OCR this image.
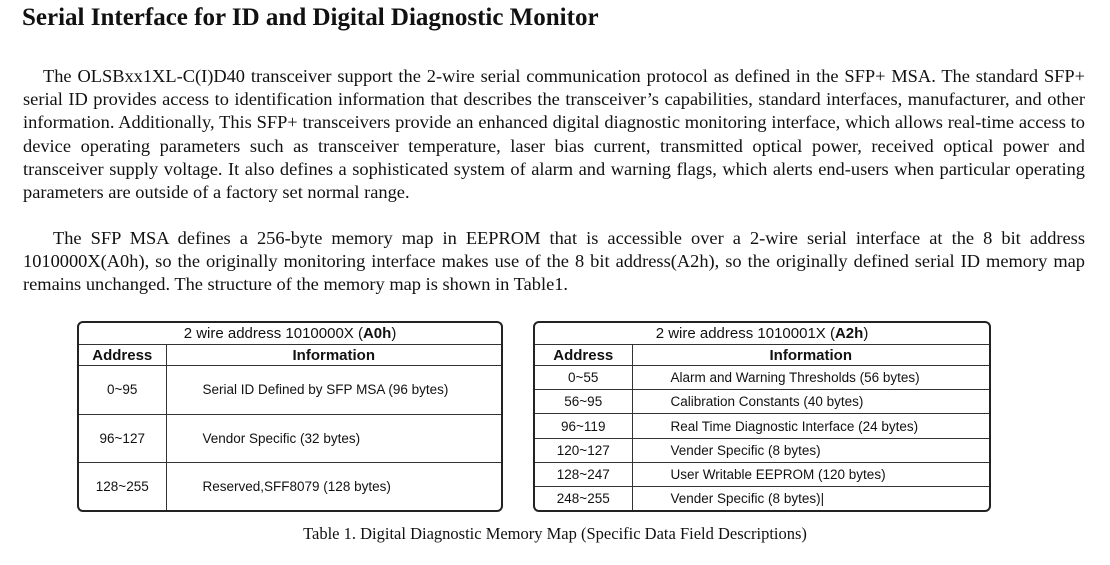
Serial Interface for ID and Digital Diagnostic Monitor

The OLSBxx1XL-C(I)D40 transceiver support the 2-wire serial communication protocol as defined in the SFP+ MSA. The standard SFP+ serial ID provides access to identification information that describes the transceiver’s capabilities, standard interfaces, manufacturer, and other information. Additionally, This SFP+ transceivers provide an enhanced digital diagnostic monitoring interface, which allows real-time access to device operating parameters such as transceiver temperature, laser bias current, transmitted optical power, received optical power and transceiver supply voltage. It also defines a sophisticated system of alarm and warning flags, which alerts end-users when particular operating parameters are outside of a factory set normal range.

The SFP MSA defines a 256-byte memory map in EEPROM that is accessible over a 2-wire serial interface at the 8 bit address 1010000X(A0h), so the originally monitoring interface makes use of the 8 bit address(A2h), so the originally defined serial ID memory map remains unchanged. The structure of the memory map is shown in Table1.

2 wire address 1010000X (A0h)	
Address	Information
0~95	Serial ID Defined by SFP MSA (96 bytes)
96~127	Vendor Specific (32 bytes)
128~255	Reserved,SFF8079 (128 bytes)
2 wire address 1010001X (A2h)	
Address	Information
0~55	Alarm and Warning Thresholds (56 bytes)
56~95	Calibration Constants (40 bytes)
96~119	Real Time Diagnostic Interface (24 bytes)
120~127	Vender Specific (8 bytes)
128~247	User Writable EEPROM (120 bytes)
248~255	Vender Specific (8 bytes)|
Table 1. Digital Diagnostic Memory Map (Specific Data Field Descriptions)
